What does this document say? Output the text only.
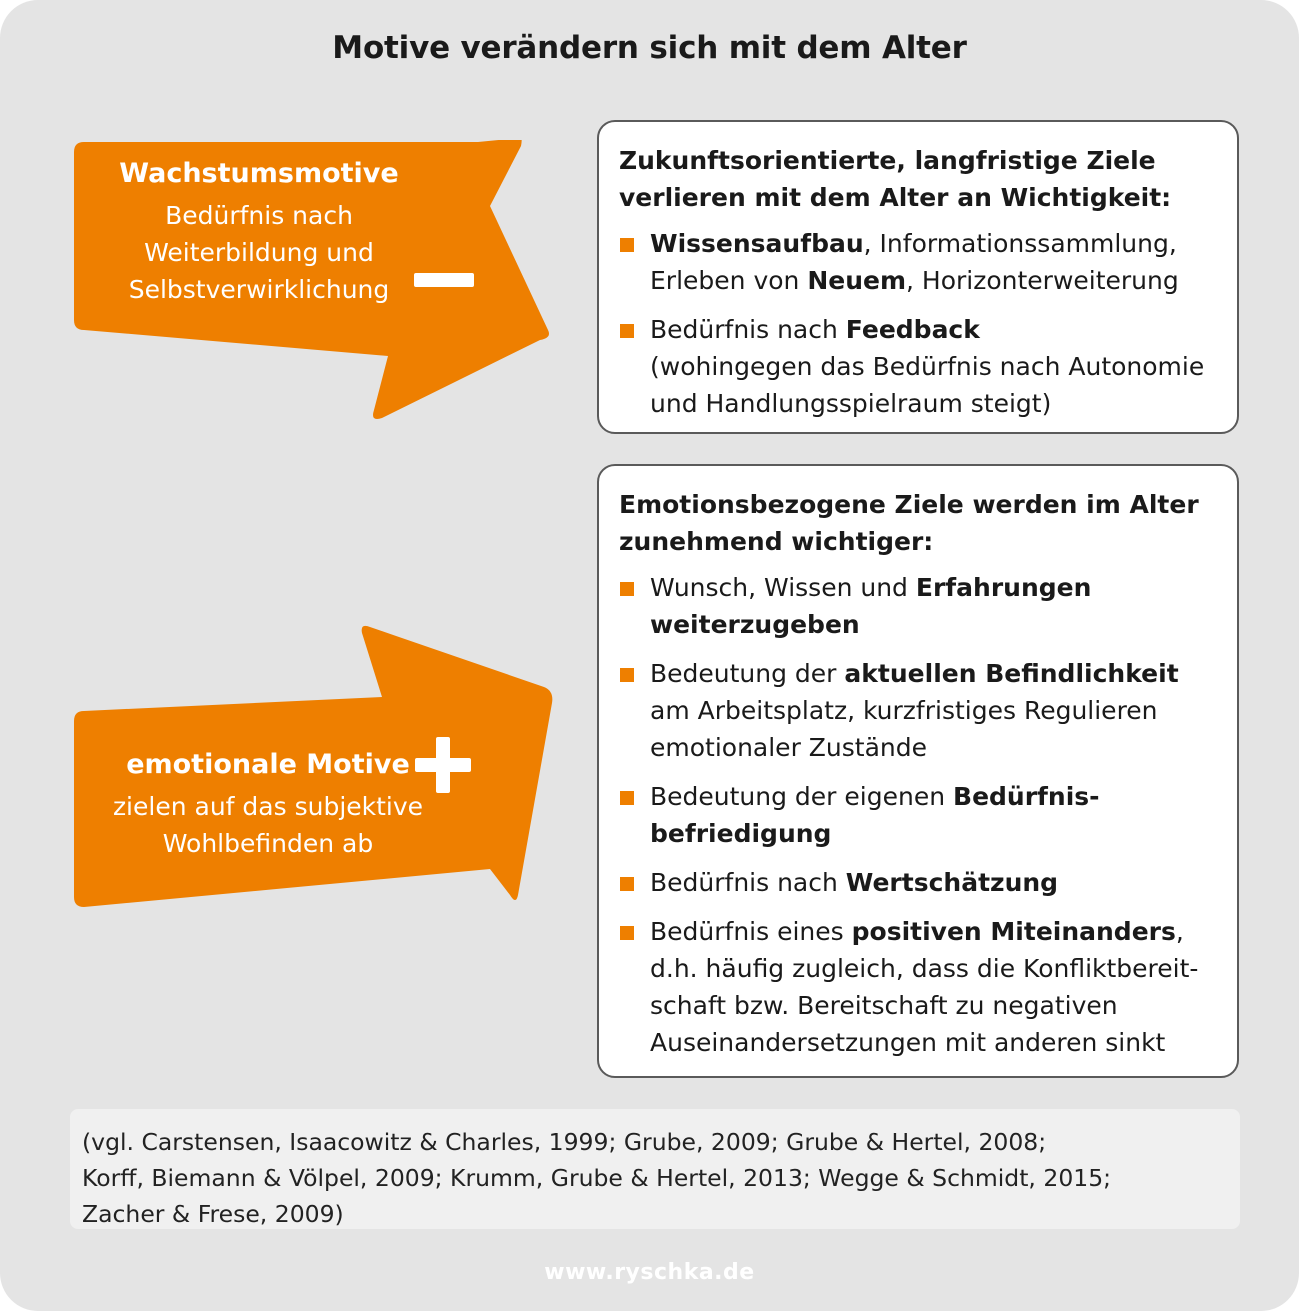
Motive verändern sich mit dem Alter
Wachstumsmotive
Bedürfnis nach
Weiterbildung und
Selbstverwirklichung
emotionale Motive
zielen auf das subjektive
Wohlbefinden ab
Zukunftsorientierte, langfristige Ziele
verlieren mit dem Alter an Wichtigkeit:
Wissensaufbau, Informationssammlung,
Erleben von Neuem, Horizonterweiterung
Bedürfnis nach Feedback
(wohingegen das Bedürfnis nach Autonomie
und Handlungsspielraum steigt)
Emotionsbezogene Ziele werden im Alter
zunehmend wichtiger:
Wunsch, Wissen und Erfahrungen
weiterzugeben
Bedeutung der aktuellen Befindlichkeit
am Arbeitsplatz, kurzfristiges Regulieren
emotionaler Zustände
Bedeutung der eigenen Bedürfnis-
befriedigung
Bedürfnis nach Wertschätzung
Bedürfnis eines positiven Miteinanders,
d.h. häufig zugleich, dass die Konfliktbereit-
schaft bzw. Bereitschaft zu negativen
Auseinandersetzungen mit anderen sinkt
(vgl. Carstensen, Isaacowitz & Charles, 1999; Grube, 2009; Grube & Hertel, 2008;
Korff, Biemann & Völpel, 2009; Krumm, Grube & Hertel, 2013; Wegge & Schmidt, 2015;
Zacher & Frese, 2009)
www.ryschka.de
